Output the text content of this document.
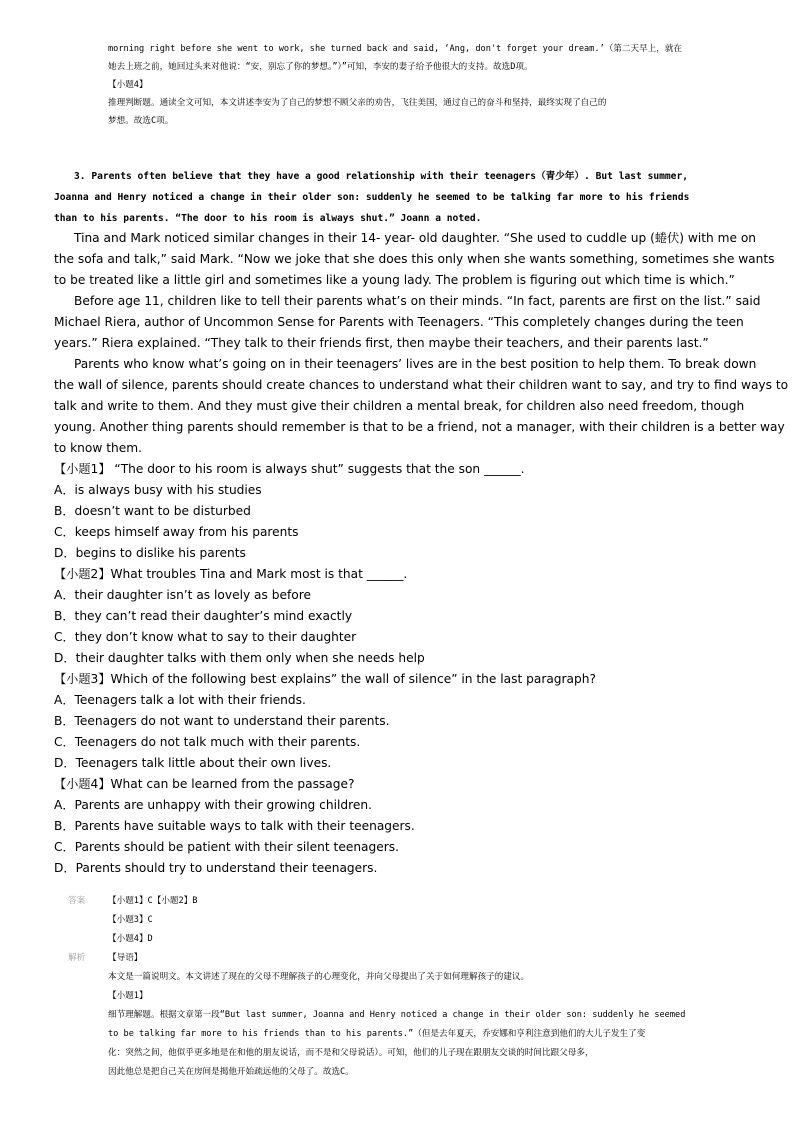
morning right before she went to work, she turned back and said, ‘Ang, don't forget your dream.’（第二天早上，就在
她去上班之前，她回过头来对他说：“安，别忘了你的梦想。”）”可知，李安的妻子给予他很大的支持。故选D项。
【小题4】
推理判断题。通读全文可知，本文讲述李安为了自己的梦想不顾父亲的劝告，飞往美国，通过自己的奋斗和坚持，最终实现了自己的
梦想。故选C项。
3. Parents often believe that they have a good relationship with their teenagers（青少年）. But last summer,
Joanna and Henry noticed a change in their older son: suddenly he seemed to be talking far more to his friends
than to his parents. “The door to his room is always shut.” Joann a noted.
Tina and Mark noticed similar changes in their 14- year- old daughter. “She used to cuddle up (蜷伏) with me on
the sofa and talk,” said Mark. “Now we joke that she does this only when she wants something, sometimes she wants
to be treated like a little girl and sometimes like a young lady. The problem is figuring out which time is which.”
Before age 11, children like to tell their parents what’s on their minds. “In fact, parents are first on the list.” said
Michael Riera, author of Uncommon Sense for Parents with Teenagers. “This completely changes during the teen
years.” Riera explained. “They talk to their friends first, then maybe their teachers, and their parents last.”
Parents who know what’s going on in their teenagers’ lives are in the best position to help them. To break down
the wall of silence, parents should create chances to understand what their children want to say, and try to find ways to
talk and write to them. And they must give their children a mental break, for children also need freedom, though
young. Another thing parents should remember is that to be a friend, not a manager, with their children is a better way
to know them.
【小题1】 “The door to his room is always shut” suggests that the son ______.
A．is always busy with his studies
B．doesn’t want to be disturbed
C．keeps himself away from his parents
D．begins to dislike his parents
【小题2】What troubles Tina and Mark most is that ______.
A．their daughter isn’t as lovely as before
B．they can’t read their daughter’s mind exactly
C．they don’t know what to say to their daughter
D．their daughter talks with them only when she needs help
【小题3】Which of the following best explains” the wall of silence” in the last paragraph?
A．Teenagers talk a lot with their friends.
B．Teenagers do not want to understand their parents.
C．Teenagers do not talk much with their parents.
D．Teenagers talk little about their own lives.
【小题4】What can be learned from the passage?
A．Parents are unhappy with their growing children.
B．Parents have suitable ways to talk with their teenagers.
C．Parents should be patient with their silent teenagers.
D．Parents should try to understand their teenagers.
答案	【小题1】C【小题2】B
【小题3】C
【小题4】D
解析	【导语】
本文是一篇说明文。本文讲述了现在的父母不理解孩子的心理变化，并向父母提出了关于如何理解孩子的建议。
【小题1】
细节理解题。根据文章第一段“But last summer, Joanna and Henry noticed a change in their older son: suddenly he seemed
to be talking far more to his friends than to his parents.”（但是去年夏天，乔安娜和亨利注意到他们的大儿子发生了变
化：突然之间，他似乎更多地是在和他的朋友说话，而不是和父母说话）。可知，他们的儿子现在跟朋友交谈的时间比跟父母多，
因此他总是把自己关在房间是揭他开始疏远他的父母了。故选C。
